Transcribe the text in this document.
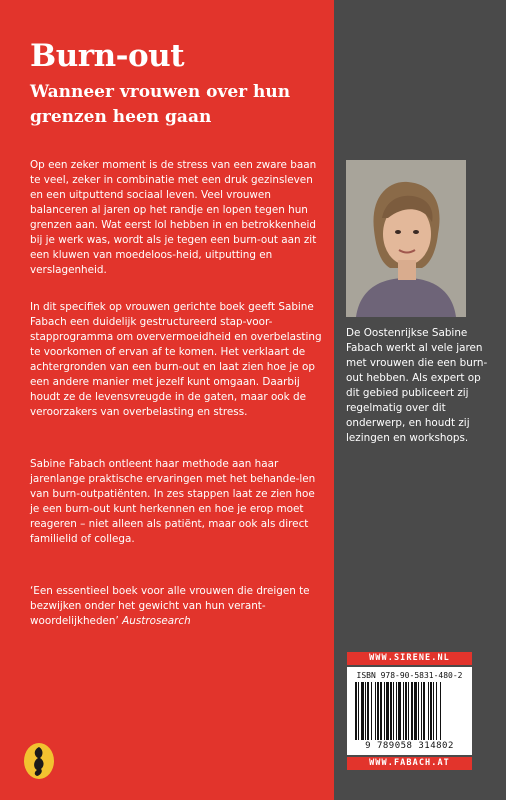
Burn-out
Wanneer vrouwen over hun grenzen heen gaan

Op een zeker moment is de stress van een zware baan te veel, zeker in combinatie met een druk gezinsleven en een uitputtend sociaal leven. Veel vrouwen balanceren al jaren op het randje en lopen tegen hun grenzen aan. Wat eerst lol hebben in en betrokkenheid bij je werk was, wordt als je tegen een burn-out aan zit een kluwen van moedeloos-heid, uitputting en verslagenheid.

In dit specifiek op vrouwen gerichte boek geeft Sabine Fabach een duidelijk gestructureerd stap-voor-stapprogramma om oververmoeidheid en overbelasting te voorkomen of ervan af te komen. Het verklaart de achtergronden van een burn-out en laat zien hoe je op een andere manier met jezelf kunt omgaan. Daarbij houdt ze de levensvreugde in de gaten, maar ook de veroorzakers van overbelasting en stress.

Sabine Fabach ontleent haar methode aan haar jarenlange praktische ervaringen met het behande-len van burn-outpatiënten. In zes stappen laat ze zien hoe je een burn-out kunt herkennen en hoe je erop moet reageren – niet alleen als patiënt, maar ook als direct familielid of collega.

‘Een essentieel boek voor alle vrouwen die dreigen te bezwijken onder het gewicht van hun verant-woordelijkheden’ Austrosearch

De Oostenrijkse Sabine Fabach werkt al vele jaren met vrouwen die een burn-out hebben. Als expert op dit gebied publiceert zij regelmatig over dit onderwerp, en houdt zij lezingen en workshops.

WWW.SIRENE.NL
ISBN 978-90-5831-480-2
9 789058 314802
WWW.FABACH.AT
